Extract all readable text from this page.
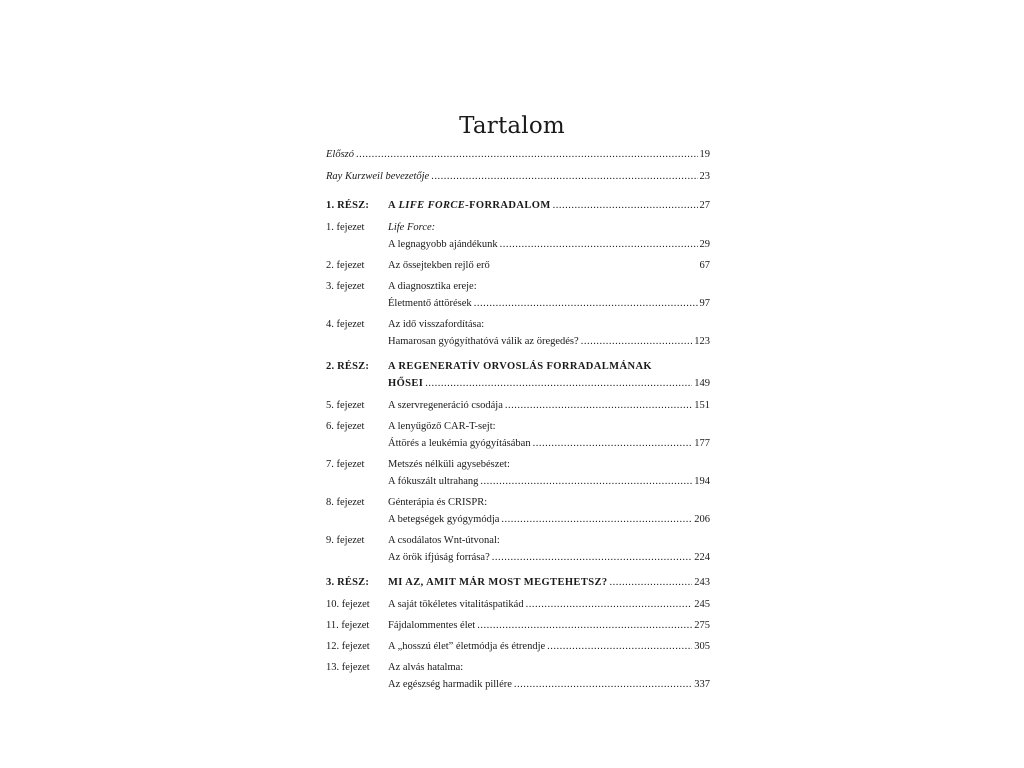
Tartalom
Előszó .....	19
Ray Kurzweil bevezetője .....	23
1. RÉSZ:	A LIFE FORCE-FORRADALOM .....	27
1. fejezet	Life Force:
A legnagyobb ajándékunk .....	29
2. fejezet	Az őssejtekben rejlő erő	67
3. fejezet	A diagnosztika ereje:
Életmentő áttörések .....	97
4. fejezet	Az idő visszafordítása:
Hamarosan gyógyíthatóvá válik az öregedés? .....	123
2. RÉSZ:	A REGENERATÍV ORVOSLÁS FORRADALMÁNAK
HŐSEI .....	149
5. fejezet	A szervregeneráció csodája .....	151
6. fejezet	A lenyűgöző CAR-T-sejt:
Áttörés a leukémia gyógyításában .....	177
7. fejezet	Metszés nélküli agysebészet:
A fókuszált ultrahang .....	194
8. fejezet	Génterápia és CRISPR:
A betegségek gyógymódja .....	206
9. fejezet	A csodálatos Wnt-útvonal:
Az örök ifjúság forrása? .....	224
3. RÉSZ:	MI AZ, AMIT MÁR MOST MEGTEHETSZ? .....	243
10. fejezet	A saját tökéletes vitalitáspatikád .....	245
11. fejezet	Fájdalommentes élet .....	275
12. fejezet	A „hosszú élet” életmódja és étrendje .....	305
13. fejezet	Az alvás hatalma:
Az egészség harmadik pillére .....	337
